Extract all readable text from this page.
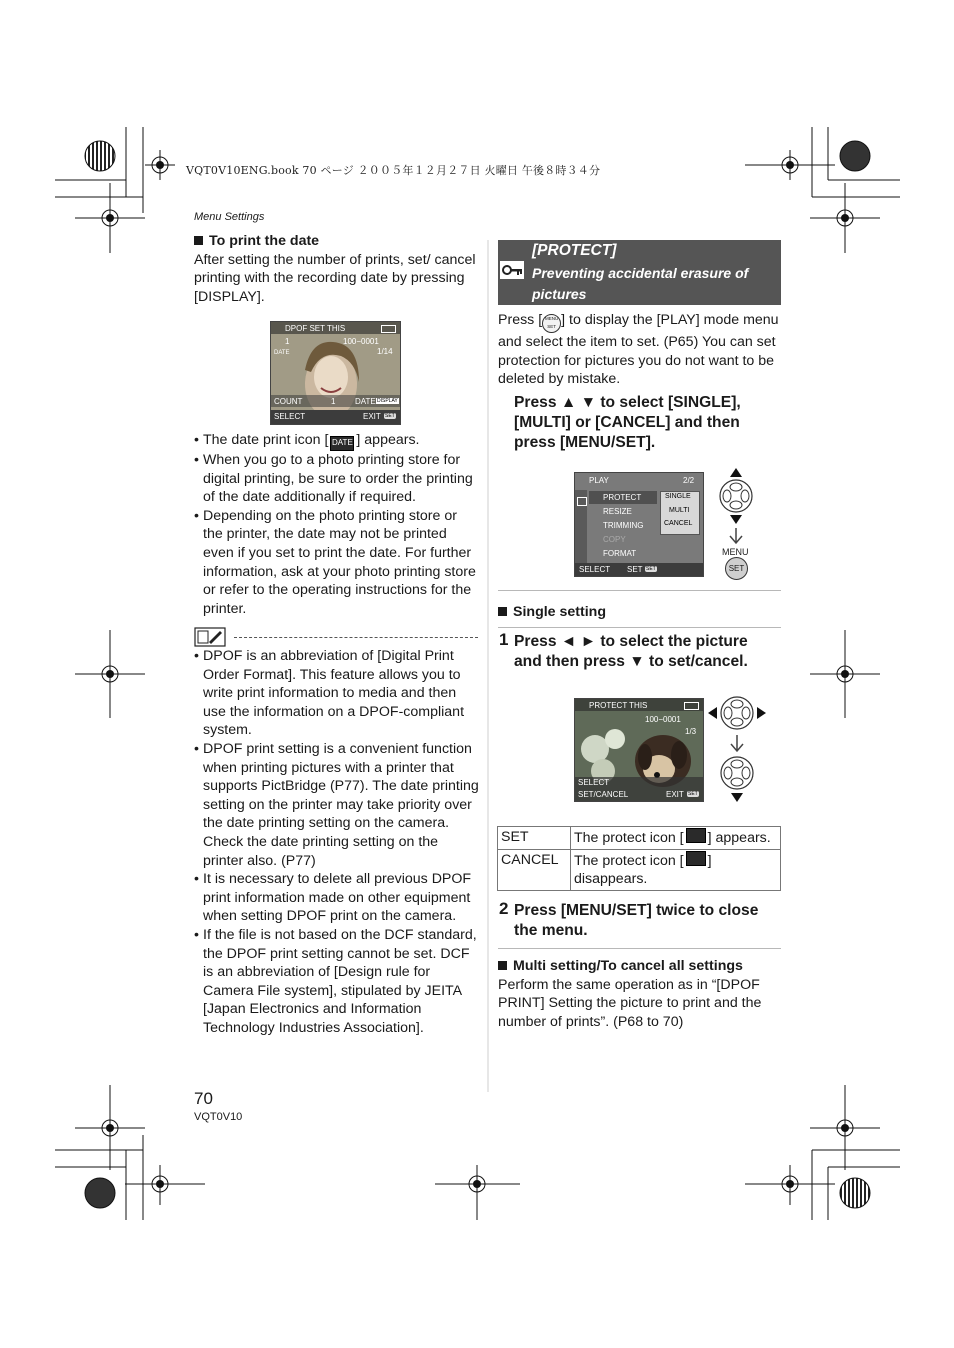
VQT0V10ENG.book 70 ページ ２００５年１２月２７日 火曜日 午後８時３４分
Menu Settings
To print the date
After setting the number of prints, set/ cancel printing with the recording date by pressing [DISPLAY].
DPOF SET THIS
1	100−0001
1/14
DATE
COUNT	1 DATE DISPLAY
SELECT	EXIT SET
• The date print icon [ DATE ] appears.
• When you go to a photo printing store for digital printing, be sure to order the printing of the date additionally if required.
• Depending on the photo printing store or the printer, the date may not be printed even if you set to print the date. For further information, ask at your photo printing store or refer to the operating instructions for the printer.
• DPOF is an abbreviation of [Digital Print Order Format]. This feature allows you to write print information to media and then use the information on a DPOF-compliant system.
• DPOF print setting is a convenient function when printing pictures with a printer that supports PictBridge (P77). The date printing setting on the printer may take priority over the date printing setting on the camera. Check the date printing setting on the printer also. (P77)
• It is necessary to delete all previous DPOF print information made on other equipment when setting DPOF print on the camera.
• If the file is not based on the DCF standard, the DPOF print setting cannot be set. DCF is an abbreviation of [Design rule for Camera File system], stipulated by JEITA [Japan Electronics and Information Technology Industries Association].
[PROTECT]
Preventing accidental erasure of pictures
Press [ MENU SET ] to display the [PLAY] mode menu and select the item to set. (P65) You can set protection for pictures you do not want to be deleted by mistake.
Press ▲ ▼ to select [SINGLE], [MULTI] or [CANCEL] and then press [MENU/SET].
PLAY	2/2
PROTECT
RESIZE
TRIMMING
COPY
FORMAT
SINGLE
MULTI
CANCEL
SELECT SET SET
MENU
SET
Single setting
1 Press ◄ ► to select the picture and then press ▼ to set/cancel.
PROTECT THIS
100−0001
1/3
SELECT
SET/CANCEL	EXIT SET
SET	The protect icon [ ] appears.
CANCEL	The protect icon [ ] disappears.
2 Press [MENU/SET] twice to close the menu.
Multi setting/To cancel all settings
Perform the same operation as in “[DPOF PRINT] Setting the picture to print and the number of prints”. (P68 to 70)
70
VQT0V10
